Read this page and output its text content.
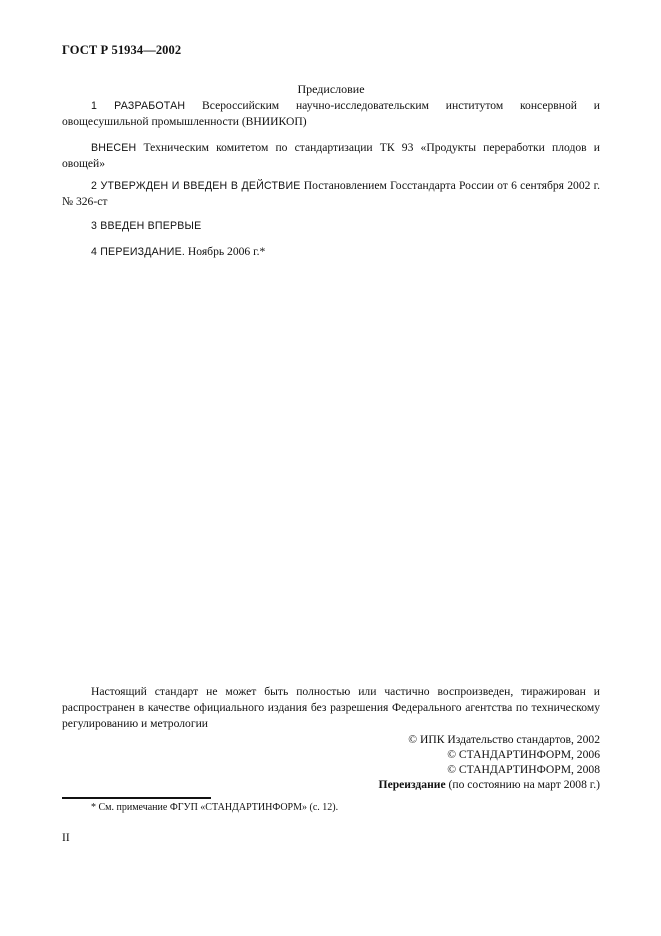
ГОСТ Р 51934—2002
Предисловие
1 РАЗРАБОТАН Всероссийским научно-исследовательским институтом консервной и овощесушильной промышленности (ВНИИКОП)
ВНЕСЕН Техническим комитетом по стандартизации ТК 93 «Продукты переработки плодов и овощей»
2 УТВЕРЖДЕН И ВВЕДЕН В ДЕЙСТВИЕ Постановлением Госстандарта России от 6 сентября 2002 г. № 326-ст
3 ВВЕДЕН ВПЕРВЫЕ
4 ПЕРЕИЗДАНИЕ. Ноябрь 2006 г.*
Настоящий стандарт не может быть полностью или частично воспроизведен, тиражирован и распространен в качестве официального издания без разрешения Федерального агентства по техническому регулированию и метрологии
© ИПК Издательство стандартов, 2002
© СТАНДАРТИНФОРМ, 2006
© СТАНДАРТИНФОРМ, 2008
Переиздание (по состоянию на март 2008 г.)
* См. примечание ФГУП «СТАНДАРТИНФОРМ» (с. 12).
II
